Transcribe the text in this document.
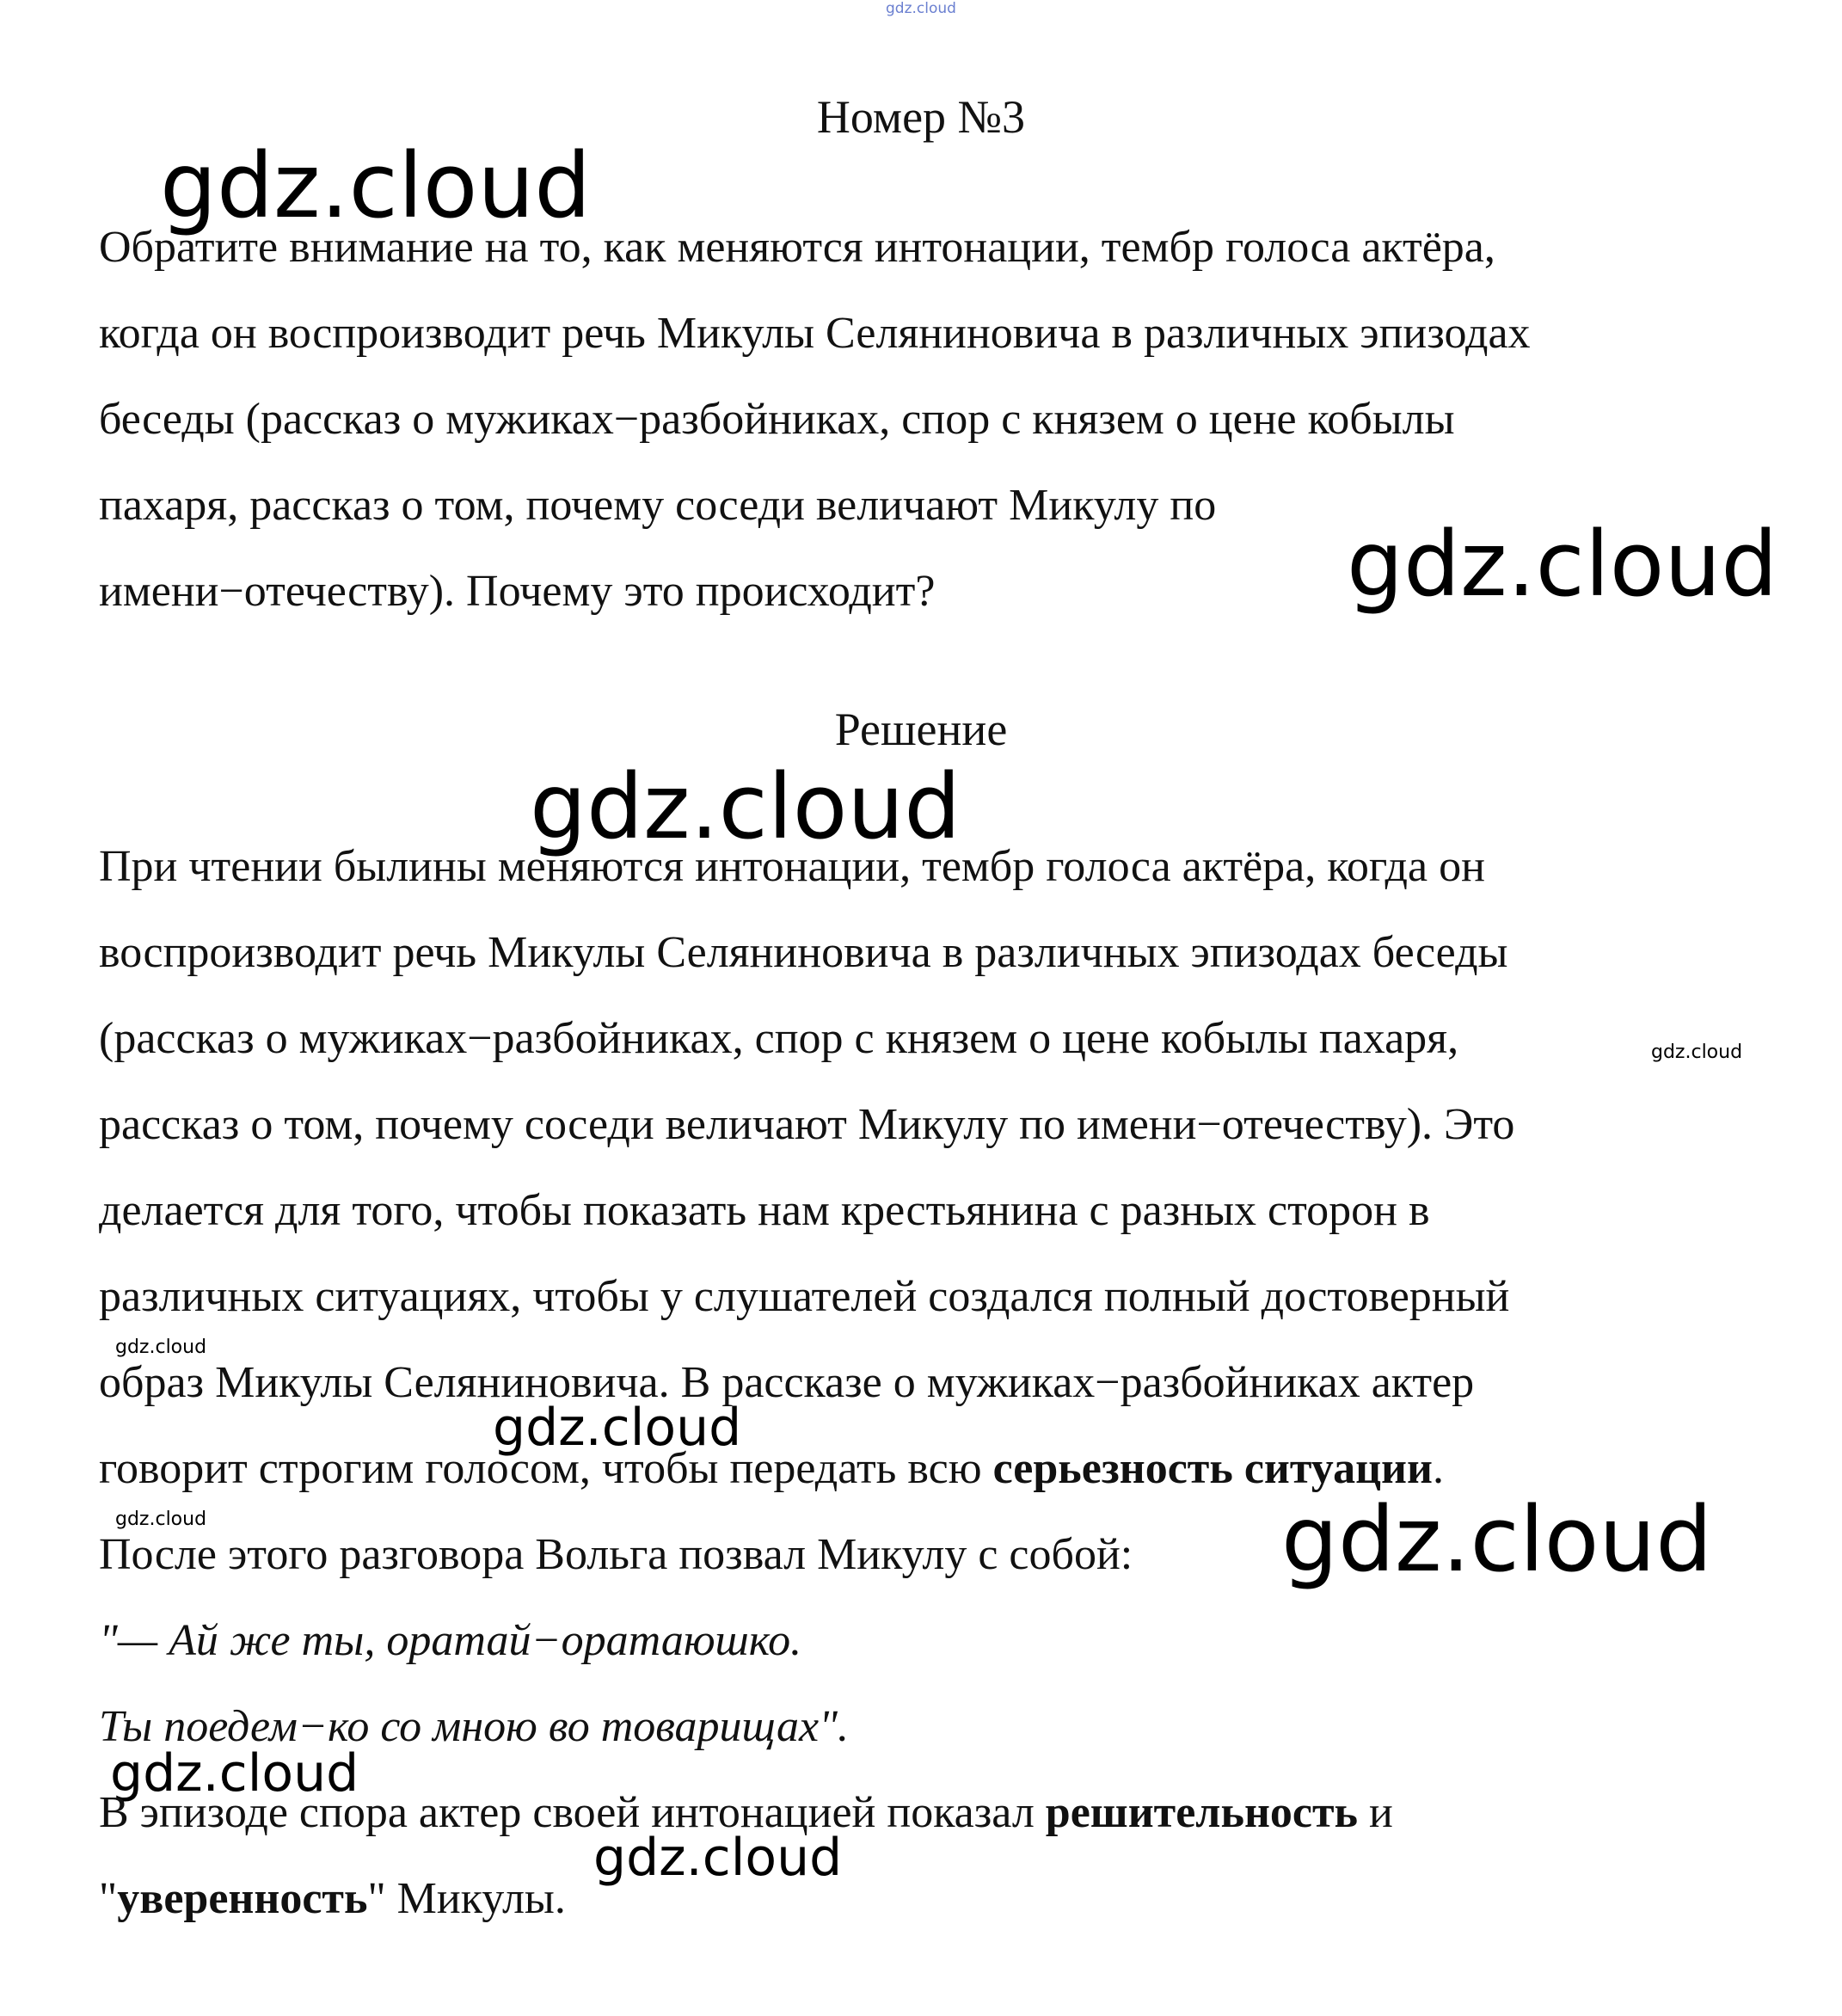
gdz.cloud
Номер №3
gdz.cloud
Обратите внимание на то, как меняются интонации, тембр голоса актёра,
когда он воспроизводит речь Микулы Селяниновича в различных эпизодах
беседы (рассказ о мужиках−разбойниках, спор с князем о цене кобылы
пахаря, рассказ о том, почему соседи величают Микулу по
имени−отечеству). Почему это происходит?	gdz.cloud
Решение
gdz.cloud
При чтении былины меняются интонации, тембр голоса актёра, когда он
воспроизводит речь Микулы Селяниновича в различных эпизодах беседы
(рассказ о мужиках−разбойниках, спор с князем о цене кобылы пахаря,	gdz.cloud
рассказ о том, почему соседи величают Микулу по имени−отечеству). Это
делается для того, чтобы показать нам крестьянина с разных сторон в
различных ситуациях, чтобы у слушателей создался полный достоверный
gdz.cloud
образ Микулы Селяниновича. В рассказе о мужиках−разбойниках актер
gdz.cloud
говорит строгим голосом, чтобы передать всю серьезность ситуации.
gdz.cloud
После этого разговора Вольга позвал Микулу с собой: gdz.cloud
"— Ай же ты, оратай−оратаюшко.
Ты поедем−ко со мною во товарищах".
gdz.cloud
В эпизоде спора актер своей интонацией показал решительность и
gdz.cloud
"уверенность" Микулы.
